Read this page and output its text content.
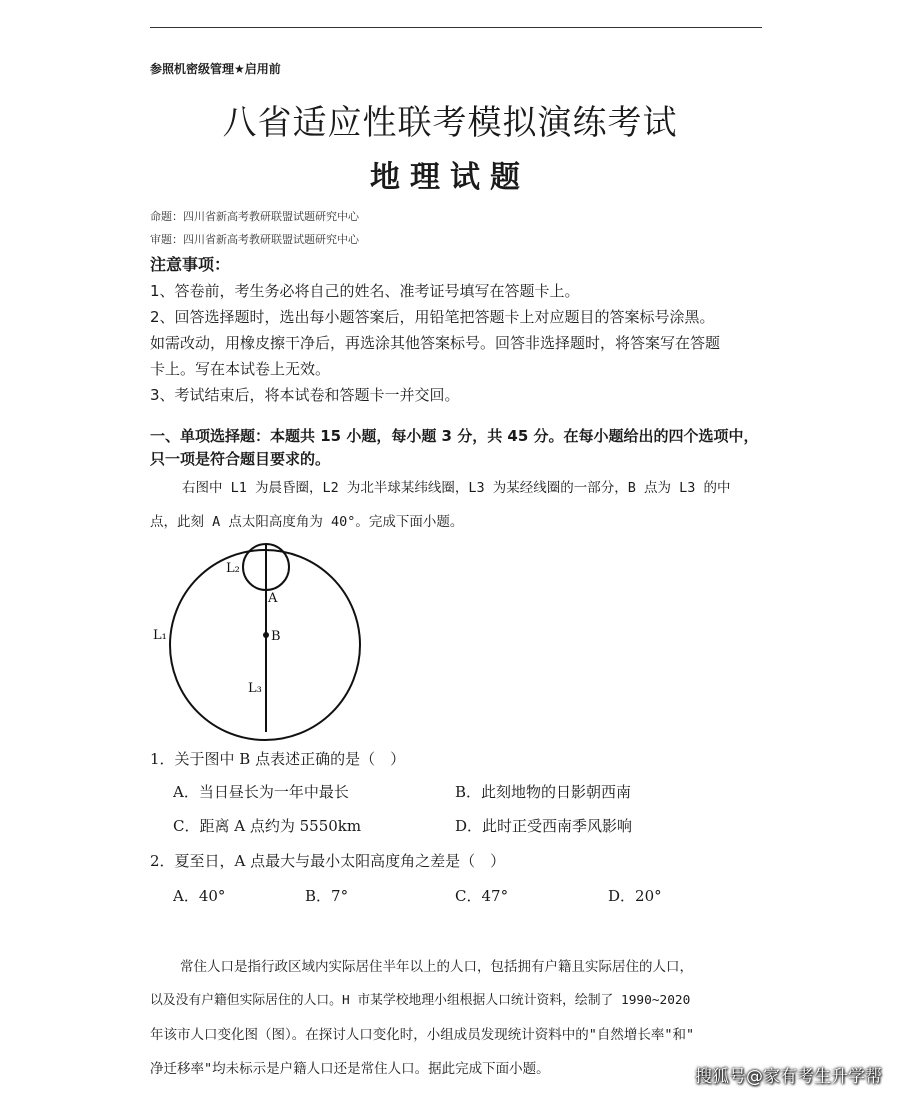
参照机密级管理★启用前
八省适应性联考模拟演练考试
地理试题
命题：四川省新高考教研联盟试题研究中心
审题：四川省新高考教研联盟试题研究中心
注意事项：
1、答卷前，考生务必将自己的姓名、准考证号填写在答题卡上。
2、回答选择题时，选出每小题答案后，用铅笔把答题卡上对应题目的答案标号涂黑。
如需改动，用橡皮擦干净后，再选涂其他答案标号。回答非选择题时，将答案写在答题
卡上。写在本试卷上无效。
3、考试结束后，将本试卷和答题卡一并交回。
一、单项选择题：本题共 15 小题，每小题 3 分，共 45 分。在每小题给出的四个选项中，
只一项是符合题目要求的。
右图中 L1 为晨昏圈，L2 为北半球某纬线圈，L3 为某经线圈的一部分，B 点为 L3 的中
点，此刻 A 点太阳高度角为 40°。完成下面小题。
L₂
A
B
L₁
L₃
1．关于图中 B 点表述正确的是（　）
A．当日昼长为一年中最长	B．此刻地物的日影朝西南
C．距离 A 点约为 5550km	D．此时正受西南季风影响
2．夏至日，A 点最大与最小太阳高度角之差是（　）
A．40°	B．7°	C．47°	D．20°
常住人口是指行政区域内实际居住半年以上的人口，包括拥有户籍且实际居住的人口，
以及没有户籍但实际居住的人口。H 市某学校地理小组根据人口统计资料，绘制了 1990~2020
年该市人口变化图（图）。在探讨人口变化时，小组成员发现统计资料中的"自然增长率"和"
净迁移率"均未标示是户籍人口还是常住人口。据此完成下面小题。	搜狐号@家有考生升学帮
